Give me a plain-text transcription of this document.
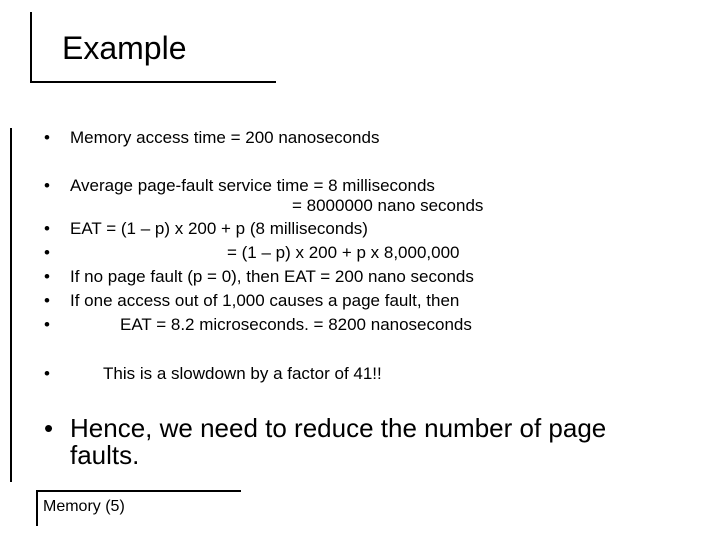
Example
• Memory access time = 200 nanoseconds
• Average page-fault service time = 8 milliseconds
= 8000000 nano seconds
• EAT = (1 – p) x 200 + p (8 milliseconds)
•	= (1 – p) x 200 + p x 8,000,000
• If no page fault (p = 0), then EAT = 200 nano seconds
• If one access out of 1,000 causes a page fault, then
•	EAT = 8.2 microseconds. = 8200 nanoseconds
•	This is a slowdown by a factor of 41!!
• Hence, we need to reduce the number of page
faults.
Memory (5)
